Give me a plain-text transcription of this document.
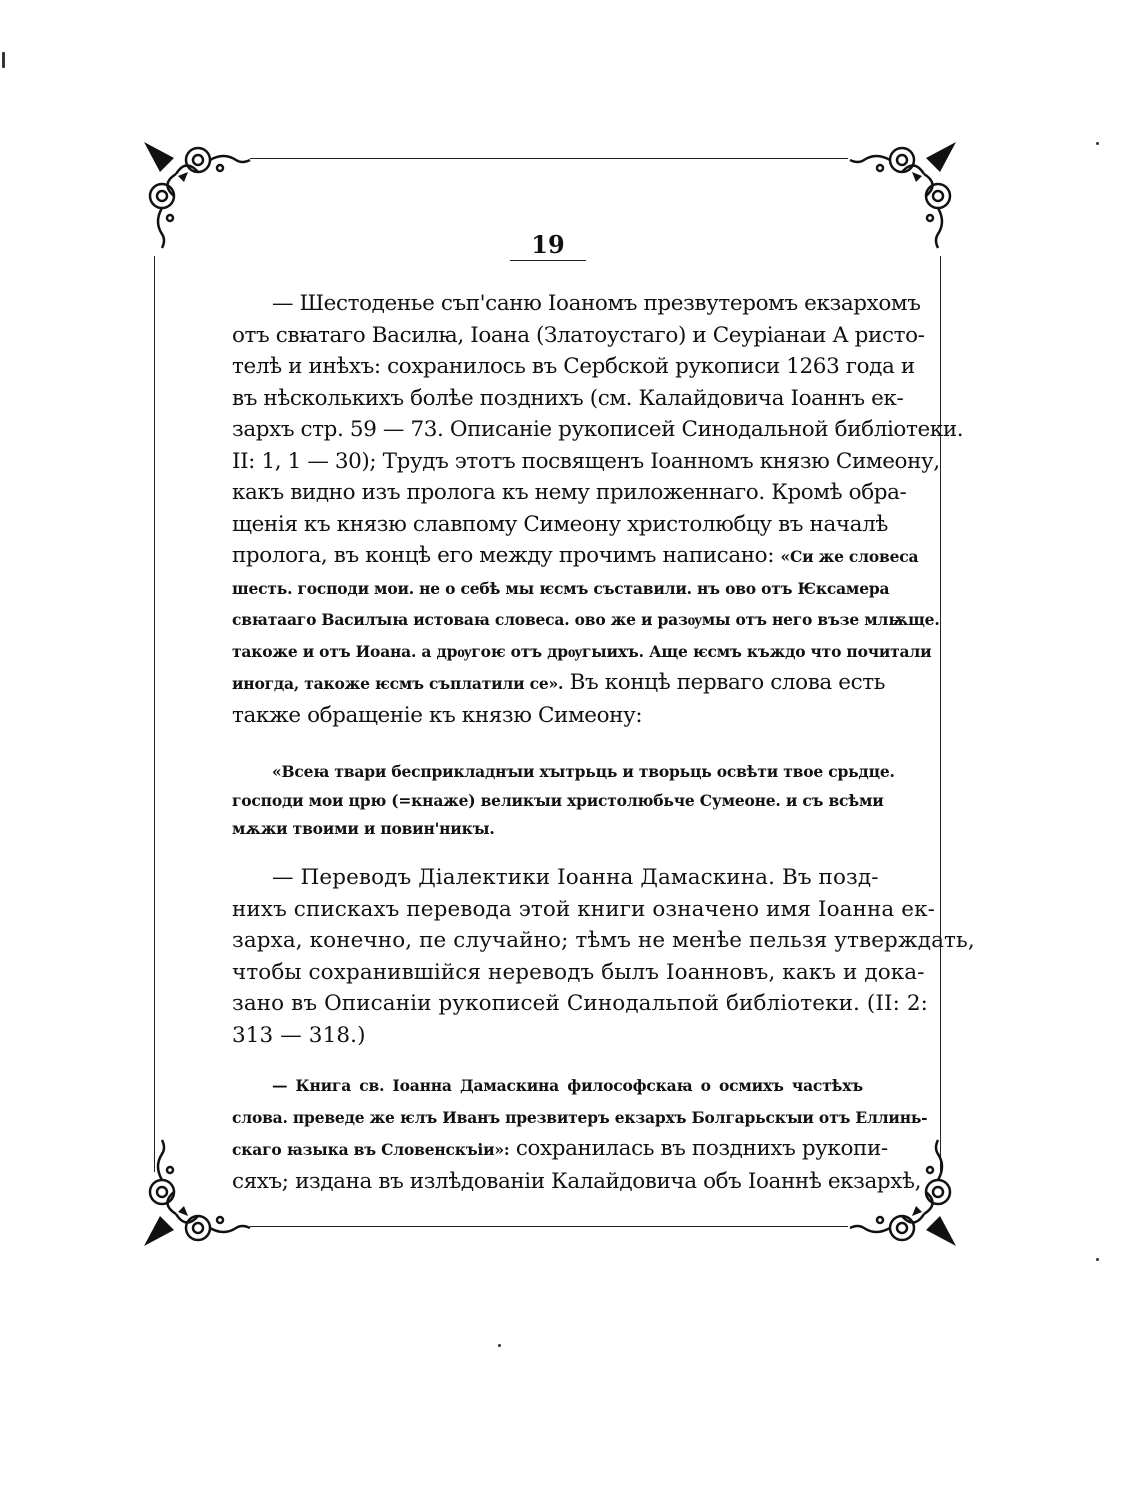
19
— Шестоденье съп'саню Іоаномъ презвутеромъ екзархомъ
отъ свꙗтаго Василꙗ, Іоана (Златоустаго) и Сеуріанаи А ристо-
телѣ и инѣхъ: сохранилось въ Сербской рукописи 1263 года и
въ нѣсколькихъ болѣе позднихъ (см. Калайдовича Іоаннъ ек-
зархъ стр. 59 — 73. Описаніе рукописей Синодальной библіотеки.
II: 1, 1 — 30); Трудъ этотъ посвященъ Іоанномъ князю Симеону,
какъ видно изъ пролога къ нему приложеннаго. Кромѣ обра-
щенія къ князю славпому Симеону христолюбцу въ началѣ
пролога, въ концѣ его между прочимъ написано: «Си же словеса
шесть. господи мои. не о себѣ мы ѥсмъ съставили. нъ ово отъ Ѥксамера
свꙗтааго Василꙑꙗ истоваꙗ словеса. ово же и разѹмы отъ него възе млѭще.
такоже и отъ Иоана. а дрѹгоѥ отъ дрѹгыихъ. Аще ѥсмъ къждо что почитали
иногда, такоже ѥсмъ съплатили се». Въ концѣ перваго слова есть
также обращеніе къ князю Симеону:
«Всеꙗ твари бесприкладнꙑи хꙑтрьць и творьць освѣти твое срьдце.
господи мои црю (=кнаже) великꙑи христолюбьче Сумеоне. и съ всѣми
мѫжи твоими и повин'никꙑ.
— Переводъ Діалектики Іоанна Дамаскина. Въ позд-
нихъ спискахъ перевода этой книги означено имя Іоанна ек-
зарха, конечно, пе случайно; тѣмъ не менѣе пельзя утверждать,
чтобы сохранившійся нереводъ былъ Іоанновъ, какъ и дока-
зано въ Описаніи рукописей Синодальпой библіотеки. (II: 2:
313 — 318.)
— Книга св. Іоанна Дамаскина философскаꙗ о осмихъ частѣхъ
слова. преведе же ѥлъ Иванъ презвитеръ екзархъ Болгарьскꙑи отъ Еллинь-
скаго ꙗзыка въ Словенскъіи»: сохранилась въ позднихъ рукопи-
сяхъ; издана въ излѣдованіи Калайдовича объ Іоаннѣ екзархѣ,
